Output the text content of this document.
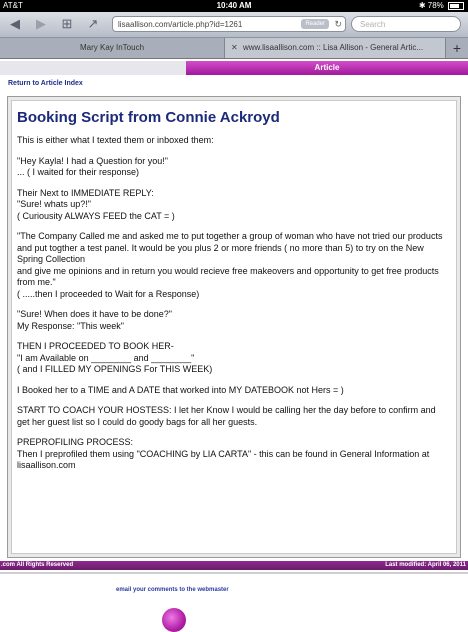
AT&T	10:40 AM	✱ 78%
◀	▶	⊞ ↗	lisaallison.com/article.php?id=1261	Reader	↻ Search
Mary Kay InTouch	✕ www.lisaallison.com :: Lisa Allison - General Artic...	+
Article
Return to Article Index
Booking Script from Connie Ackroyd

This is either what I texted them or inboxed them:

"Hey Kayla! I had a Question for you!"
... ( I waited for their response)

Their Next to IMMEDIATE REPLY:
"Sure! whats up?!"
( Curiousity ALWAYS FEED the CAT = )

"The Company Called me and asked me to put together a group of woman who have not tried our products
and put togther a test panel. It would be you plus 2 or more friends ( no more than 5) to try on the New Spring Collection
and give me opinions and in return you would recieve free makeovers and opportunity to get free products from me."
( .....then I proceeded to Wait for a Response)

"Sure! When does it have to be done?"
My Response: "This week"

THEN I PROCEEDED TO BOOK HER-
"I am Available on ________ and ________"
( and I FILLED MY OPENINGS For THIS WEEK)

I Booked her to a TIME and A DATE that worked into MY DATEBOOK not Hers = )

START TO COACH YOUR HOSTESS: I let her Know I would be calling her the day before to confirm and get her guest list so I could do goody bags for all her guests.

PREPROFILING PROCESS:
Then I preprofiled them using "COACHING by LIA CARTA" - this can be found in General Information at lisaallison.com

.com All Rights Reserved	Last modified: April 06, 2011
email your comments to the webmaster
